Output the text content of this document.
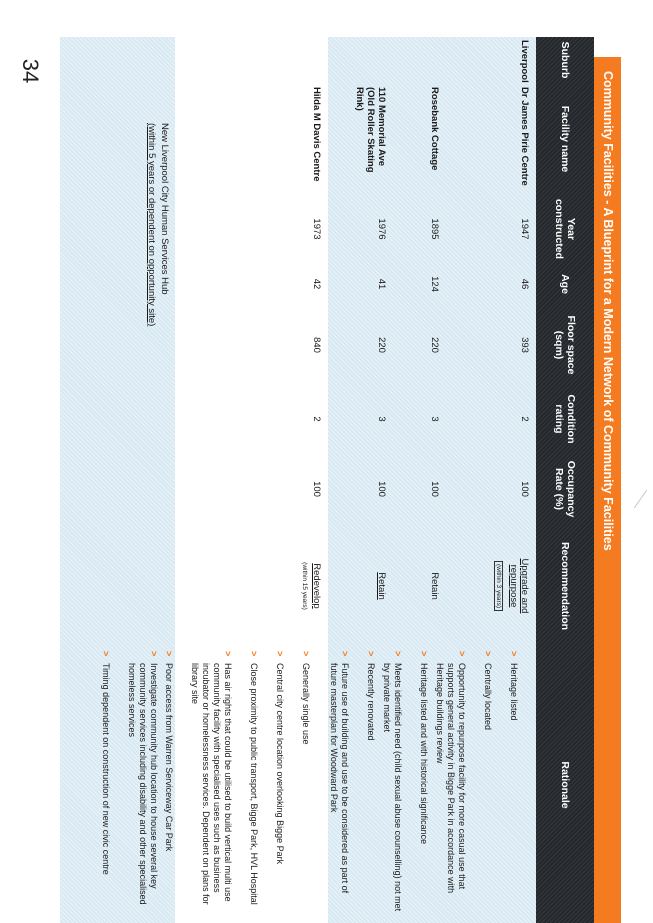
34	Community Facilities - A Blueprint for a Modern Network of Community Facilities
Suburb
Facility name
Year
constructed
Age
Floor space
(sqm)
Condition
rating
Occupancy
Rate (%)
Recommendation
Rationale
Liverpool
Dr James Pirie Centre
1947
46
393
2
100
Upgrade and
repurpose
(within 3 years)

>
Heritage listed

>
Centrally located

>
Opportunity to repurpose facility for more casual use that supports general activity in Bigge Park in accordance with Heritage buildings review

Rosebank Cottage
1895
124
220
3
100
Retain

>
Heritage listed and with historical significance

>
Meets identified need (child sexual abuse counselling) not met by private market

110 Memorial Ave
(Old Roller Skating
Rink)
1976
41
220
3
100
Retain

>
Recently renovated

>
Future use of building and use to be considered as part of future masterplan for Woodward Park

Hilda M Davis Centre
1973
42
840
2
100
Redevelop
(within 15 years)

>
Generally single use

>
Central city centre location overlooking Bigge Park

>
Close proximity to public transport, Bigge Park, HVL Hospital

>
Has air rights that could be utilised to build vertical multi use community facility with specialised uses such as business incubator or homelessness services. Dependent on plans for library site

>
Poor access from Warren Serviceway Car Park

New Liverpool City Human Services Hub
(within 5 years or dependent on opportunity site)

>
Investigate community hub location to house several key community services including disability and other specialised homeless services

>
Timing dependent on construction of new civic centre
